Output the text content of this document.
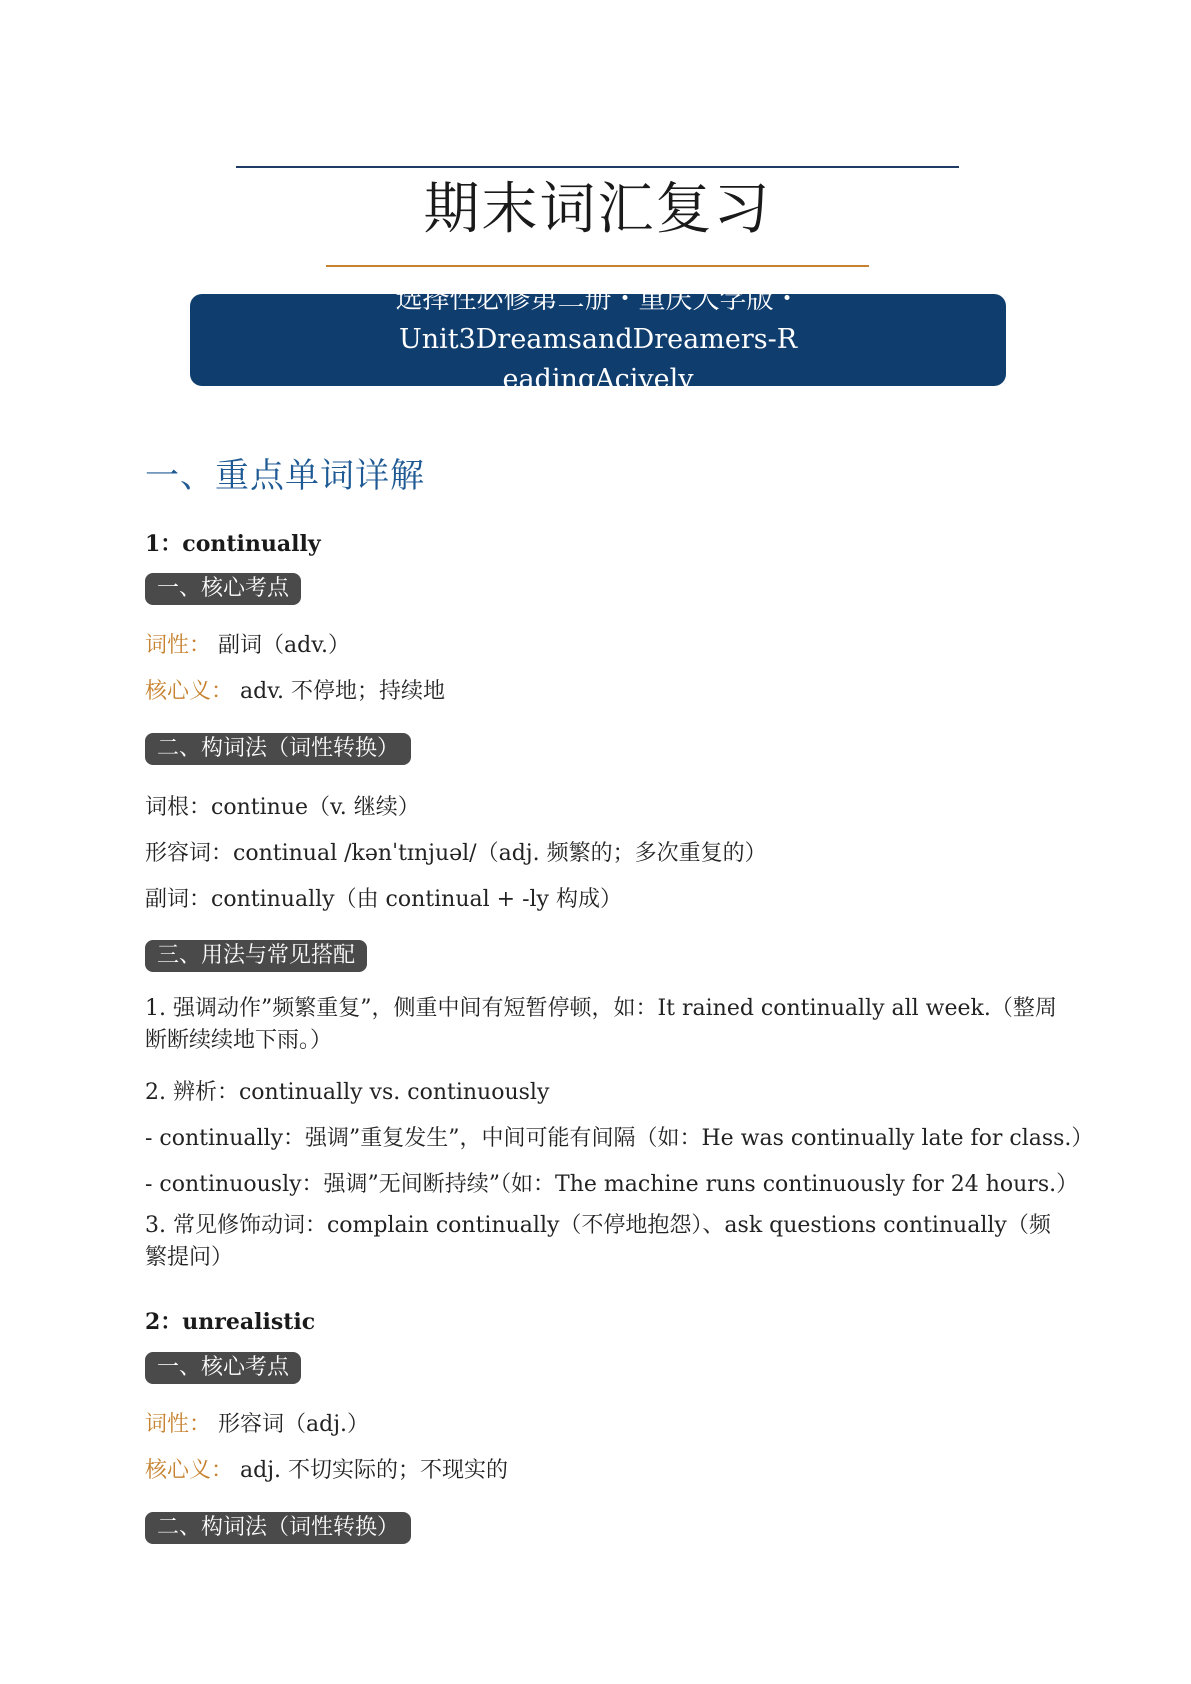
期末词汇复习
选择性必修第二册・重庆大学版・Unit3DreamsandDreamers-R
eadingAcively
一、重点单词详解
1：continually
一、核心考点
词性： 副词（adv.）
核心义： adv. 不停地；持续地
二、构词法（词性转换）
词根：continue（v. 继续）
形容词：continual /kənˈtɪnjuəl/（adj. 频繁的；多次重复的）
副词：continually（由 continual + -ly 构成）
三、用法与常见搭配
1. 强调动作”频繁重复”，侧重中间有短暂停顿，如：It rained continually all week.（整周断断续续地下雨。）
2. 辨析：continually vs. continuously
- continually：强调”重复发生”，中间可能有间隔（如：He was continually late for class.）
- continuously：强调”无间断持续”（如：The machine runs continuously for 24 hours.）
3. 常见修饰动词：complain continually（不停地抱怨）、ask questions continually（频繁提问）
2：unrealistic
一、核心考点
词性： 形容词（adj.）
核心义： adj. 不切实际的；不现实的
二、构词法（词性转换）
